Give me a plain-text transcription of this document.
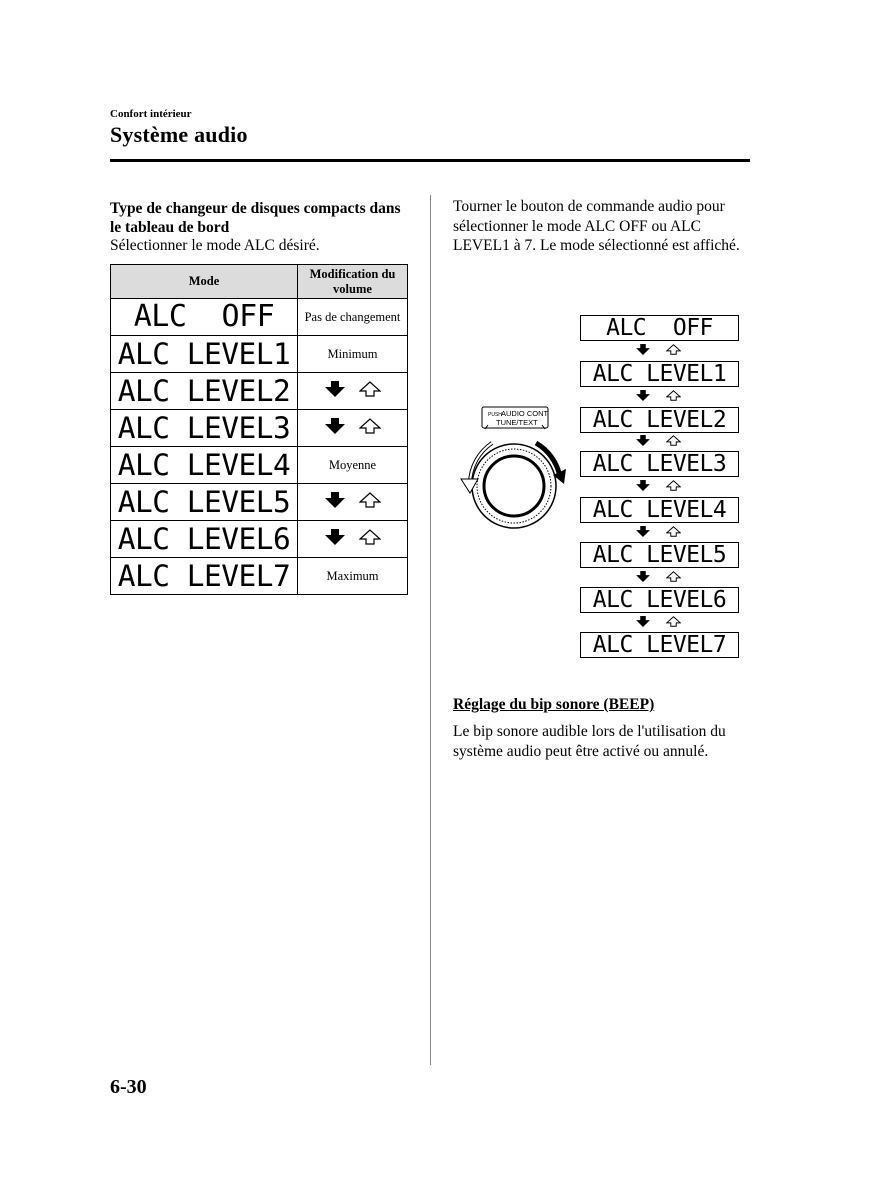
Confort intérieur
Système audio
Type de changeur de disques compacts dans le tableau de bord
Sélectionner le mode ALC désiré.
Mode	Modification du volume
ALC  OFF	Pas de changement
ALC LEVEL1	Minimum
ALC LEVEL2	

ALC LEVEL3	

ALC LEVEL4	Moyenne
ALC LEVEL5	

ALC LEVEL6	

ALC LEVEL7	Maximum
Tourner le bouton de commande audio pour sélectionner le mode ALC OFF ou ALC LEVEL1 à 7. Le mode sélectionné est affiché.
PUSH AUDIO CONT
TUNE/TEXT
ALC  OFF
ALC LEVEL1
ALC LEVEL2
ALC LEVEL3
ALC LEVEL4
ALC LEVEL5
ALC LEVEL6
ALC LEVEL7
Réglage du bip sonore (BEEP)
Le bip sonore audible lors de l'utilisation du système audio peut être activé ou annulé.
6-30
